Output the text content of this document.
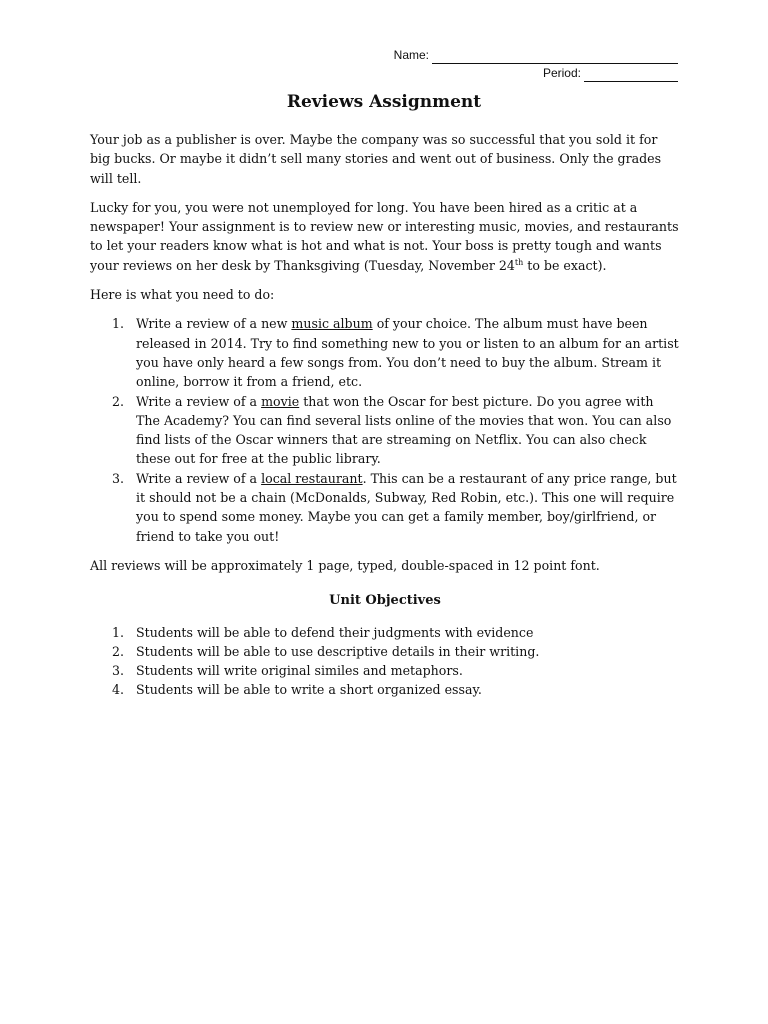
Name:
Period:
Reviews Assignment

Your job as a publisher is over. Maybe the company was so successful that you sold it for big bucks. Or maybe it didn’t sell many stories and went out of business. Only the grades will tell.

Lucky for you, you were not unemployed for long. You have been hired as a critic at a newspaper! Your assignment is to review new or interesting music, movies, and restaurants to let your readers know what is hot and what is not. Your boss is pretty tough and wants your reviews on her desk by Thanksgiving (Tuesday, November 24th to be exact).

Here is what you need to do:

1. Write a review of a new music album of your choice. The album must have been released in 2014. Try to find something new to you or listen to an album for an artist you have only heard a few songs from. You don’t need to buy the album. Stream it online, borrow it from a friend, etc.
2. Write a review of a movie that won the Oscar for best picture. Do you agree with The Academy? You can find several lists online of the movies that won. You can also find lists of the Oscar winners that are streaming on Netflix. You can also check these out for free at the public library.
3. Write a review of a local restaurant. This can be a restaurant of any price range, but it should not be a chain (McDonalds, Subway, Red Robin, etc.). This one will require you to spend some money. Maybe you can get a family member, boy/girlfriend, or friend to take you out!

All reviews will be approximately 1 page, typed, double-spaced in 12 point font.

Unit Objectives
1. Students will be able to defend their judgments with evidence
2. Students will be able to use descriptive details in their writing.
3. Students will write original similes and metaphors.
4. Students will be able to write a short organized essay.
